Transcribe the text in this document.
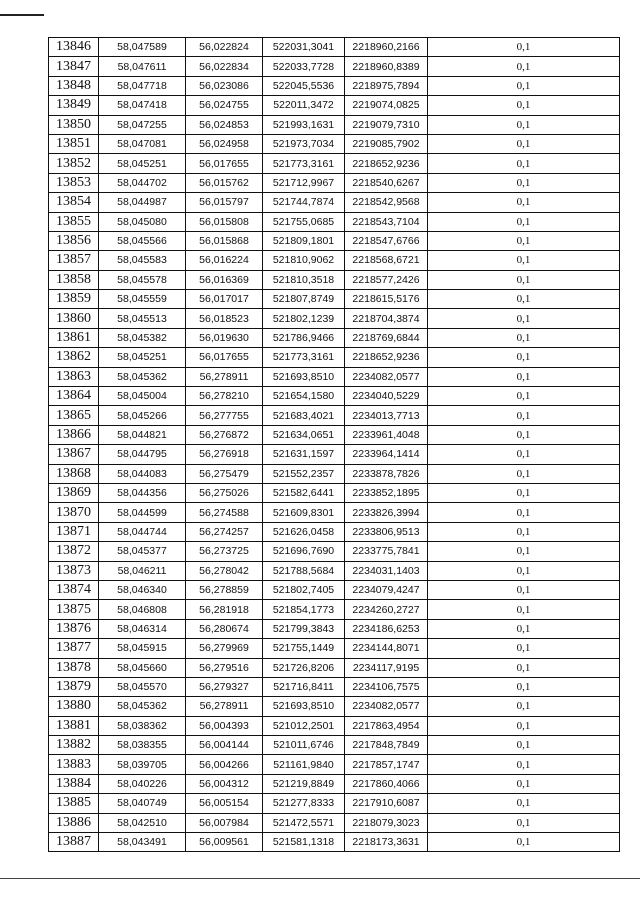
13846	58,047589	56,022824	522031,3041	2218960,2166	0,1
13847	58,047611	56,022834	522033,7728	2218960,8389	0,1
13848	58,047718	56,023086	522045,5536	2218975,7894	0,1
13849	58,047418	56,024755	522011,3472	2219074,0825	0,1
13850	58,047255	56,024853	521993,1631	2219079,7310	0,1
13851	58,047081	56,024958	521973,7034	2219085,7902	0,1
13852	58,045251	56,017655	521773,3161	2218652,9236	0,1
13853	58,044702	56,015762	521712,9967	2218540,6267	0,1
13854	58,044987	56,015797	521744,7874	2218542,9568	0,1
13855	58,045080	56,015808	521755,0685	2218543,7104	0,1
13856	58,045566	56,015868	521809,1801	2218547,6766	0,1
13857	58,045583	56,016224	521810,9062	2218568,6721	0,1
13858	58,045578	56,016369	521810,3518	2218577,2426	0,1
13859	58,045559	56,017017	521807,8749	2218615,5176	0,1
13860	58,045513	56,018523	521802,1239	2218704,3874	0,1
13861	58,045382	56,019630	521786,9466	2218769,6844	0,1
13862	58,045251	56,017655	521773,3161	2218652,9236	0,1
13863	58,045362	56,278911	521693,8510	2234082,0577	0,1
13864	58,045004	56,278210	521654,1580	2234040,5229	0,1
13865	58,045266	56,277755	521683,4021	2234013,7713	0,1
13866	58,044821	56,276872	521634,0651	2233961,4048	0,1
13867	58,044795	56,276918	521631,1597	2233964,1414	0,1
13868	58,044083	56,275479	521552,2357	2233878,7826	0,1
13869	58,044356	56,275026	521582,6441	2233852,1895	0,1
13870	58,044599	56,274588	521609,8301	2233826,3994	0,1
13871	58,044744	56,274257	521626,0458	2233806,9513	0,1
13872	58,045377	56,273725	521696,7690	2233775,7841	0,1
13873	58,046211	56,278042	521788,5684	2234031,1403	0,1
13874	58,046340	56,278859	521802,7405	2234079,4247	0,1
13875	58,046808	56,281918	521854,1773	2234260,2727	0,1
13876	58,046314	56,280674	521799,3843	2234186,6253	0,1
13877	58,045915	56,279969	521755,1449	2234144,8071	0,1
13878	58,045660	56,279516	521726,8206	2234117,9195	0,1
13879	58,045570	56,279327	521716,8411	2234106,7575	0,1
13880	58,045362	56,278911	521693,8510	2234082,0577	0,1
13881	58,038362	56,004393	521012,2501	2217863,4954	0,1
13882	58,038355	56,004144	521011,6746	2217848,7849	0,1
13883	58,039705	56,004266	521161,9840	2217857,1747	0,1
13884	58,040226	56,004312	521219,8849	2217860,4066	0,1
13885	58,040749	56,005154	521277,8333	2217910,6087	0,1
13886	58,042510	56,007984	521472,5571	2218079,3023	0,1
13887	58,043491	56,009561	521581,1318	2218173,3631	0,1
